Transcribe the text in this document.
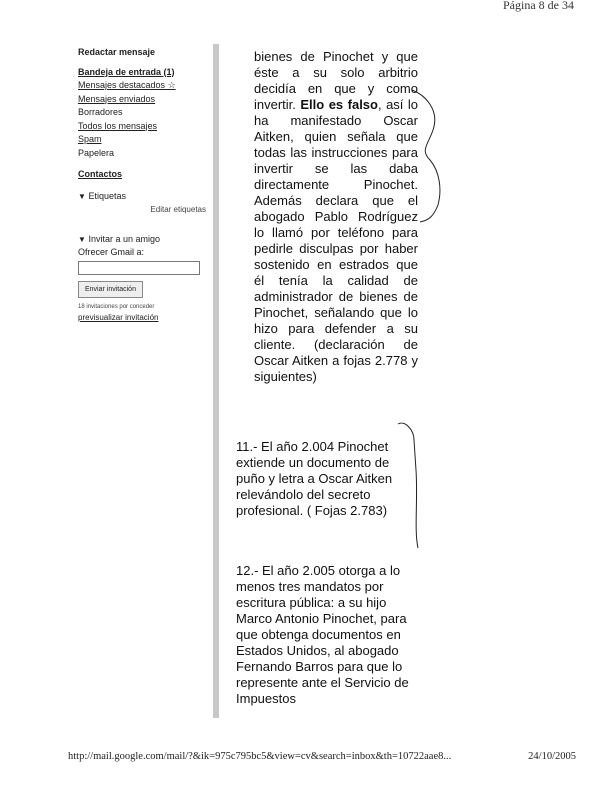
Página 8 de 34
Redactar mensaje
Bandeja de entrada (1)
Mensajes destacados ☆
Mensajes enviados
Borradores
Todos los mensajes
Spam
Papelera
Contactos
▼ Etiquetas
Editar etiquetas
▼ Invitar a un amigo
Ofrecer Gmail a:
Enviar invitación
18 invitaciones por conceder
previsualizar invitación
bienes de Pinochet y que éste a su solo arbitrio decidía en que y como invertir. Ello es falso, así lo ha manifestado Oscar Aitken, quien señala que todas las instrucciones para invertir se las daba directamente Pinochet. Además declara que el abogado Pablo Rodríguez lo llamó por teléfono para pedirle disculpas por haber sostenido en estrados que él tenía la calidad de administrador de bienes de Pinochet, señalando que lo hizo para defender a su cliente. (declaración de Oscar Aitken a fojas 2.778 y siguientes)
11.- El año 2.004 Pinochet extiende un documento de puño y letra a Oscar Aitken relevándolo del secreto profesional. ( Fojas 2.783)
12.- El año 2.005 otorga a lo menos tres mandatos por escritura pública: a su hijo Marco Antonio Pinochet, para que obtenga documentos en Estados Unidos, al abogado Fernando Barros para que lo represente ante el Servicio de Impuestos
http://mail.google.com/mail/?&ik=975c795bc5&view=cv&search=inbox&th=10722aae8...	24/10/2005
